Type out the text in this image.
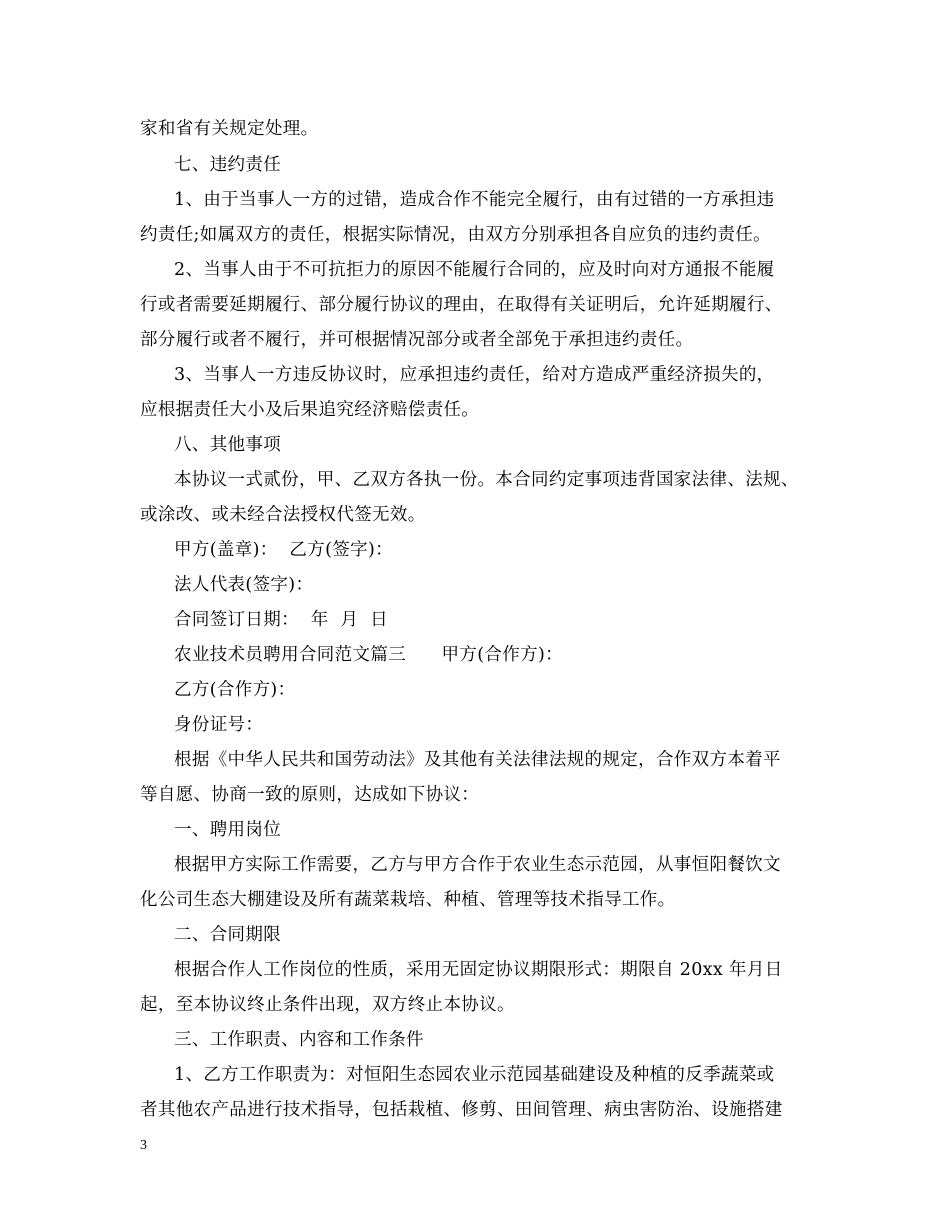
家和省有关规定处理。
七、违约责任
1、由于当事人一方的过错，造成合作不能完全履行，由有过错的一方承担违
约责任;如属双方的责任，根据实际情况，由双方分别承担各自应负的违约责任。
2、当事人由于不可抗拒力的原因不能履行合同的，应及时向对方通报不能履
行或者需要延期履行、部分履行协议的理由，在取得有关证明后，允许延期履行、
部分履行或者不履行，并可根据情况部分或者全部免于承担违约责任。
3、当事人一方违反协议时，应承担违约责任，给对方造成严重经济损失的，
应根据责任大小及后果追究经济赔偿责任。
八、其他事项
本协议一式贰份，甲、乙双方各执一份。本合同约定事项违背国家法律、法规、
或涂改、或未经合法授权代签无效。
甲方(盖章)：  乙方(签字)：
法人代表(签字)：
合同签订日期：  年  月  日
农业技术员聘用合同范文篇三      甲方(合作方)：
乙方(合作方)：
身份证号：
根据《中华人民共和国劳动法》及其他有关法律法规的规定，合作双方本着平
等自愿、协商一致的原则，达成如下协议：
一、聘用岗位
根据甲方实际工作需要，乙方与甲方合作于农业生态示范园，从事恒阳餐饮文
化公司生态大棚建设及所有蔬菜栽培、种植、管理等技术指导工作。
二、合同期限
根据合作人工作岗位的性质，采用无固定协议期限形式：期限自 20xx 年月日
起，至本协议终止条件出现，双方终止本协议。
三、工作职责、内容和工作条件
1、乙方工作职责为：对恒阳生态园农业示范园基础建设及种植的反季蔬菜或
者其他农产品进行技术指导，包括栽植、修剪、田间管理、病虫害防治、设施搭建
3
